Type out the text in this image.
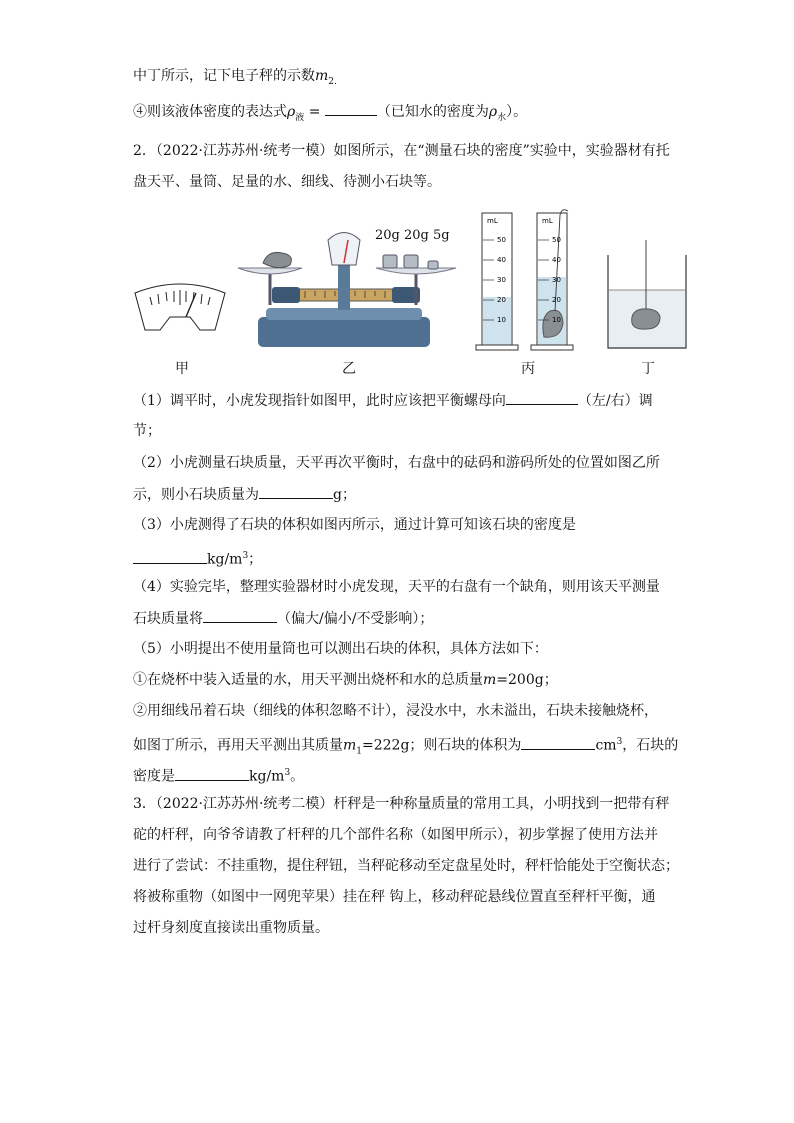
中丁所示，记下电子秤的示数$m_{2.}$
④则该液体密度的表达式$\rho_液$ =	（已知水的密度为$\rho_水$）。
2．（2022·江苏苏州·统考一模）如图所示，在“测量石块的密度”实验中，实验器材有托
盘天平、量筒、足量的水、细线、待测小石块等。
20g 20g 5g
mL
50
40
30
20
10
mL
50
40
30
20
10
甲	乙	丙	丁
（1）调平时，小虎发现指针如图甲，此时应该把平衡螺母向	（左/右）调
节；
（2）小虎测量石块质量，天平再次平衡时，右盘中的砝码和游码所处的位置如图乙所
示，则小石块质量为	g；
（3）小虎测得了石块的体积如图丙所示，通过计算可知该石块的密度是
$kg/m^3$；
（4）实验完毕，整理实验器材时小虎发现，天平的右盘有一个缺角，则用该天平测量
石块质量将	（偏大/偏小/不受影响）；
（5）小明提出不使用量筒也可以测出石块的体积，具体方法如下：
①在烧杯中装入适量的水，用天平测出烧杯和水的总质量m=200g；
②用细线吊着石块（细线的体积忽略不计），浸没水中，水未溢出，石块未接触烧杯，
如图丁所示，再用天平测出其质量$m_1=222g$；则石块的体积为	$cm^3$，石块的
密度是	$kg/m^3$。
3．（2022·江苏苏州·统考二模）杆秤是一种称量质量的常用工具，小明找到一把带有秤
砣的杆秤，向爷爷请教了杆秤的几个部件名称（如图甲所示），初步掌握了使用方法并
进行了尝试：不挂重物，提住秤钮，当秤砣移动至定盘星处时，秤杆恰能处于空衡状态；
将被称重物（如图中一网兜苹果）挂在秤 钩上，移动秤砣悬线位置直至秤杆平衡，通
过杆身刻度直接读出重物质量。
